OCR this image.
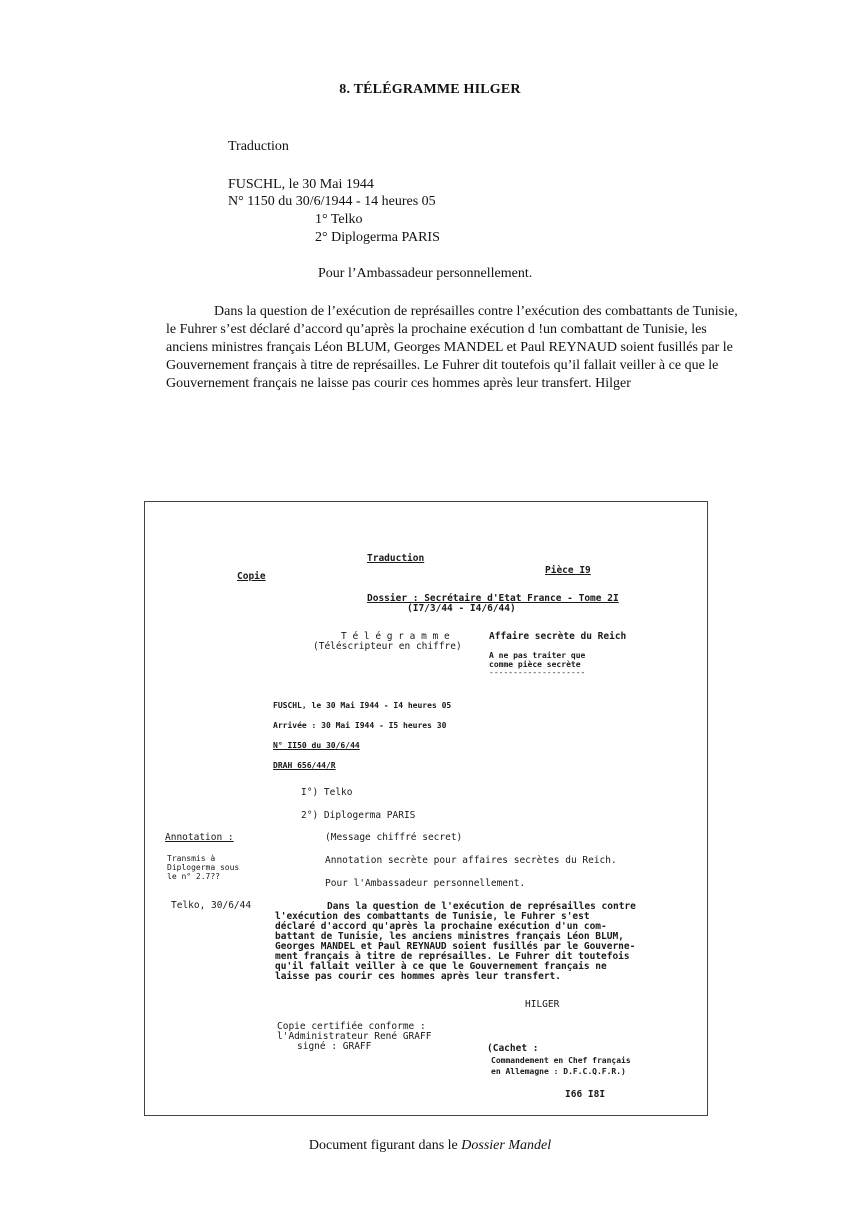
8. TÉLÉGRAMME HILGER
Traduction
FUSCHL, le 30 Mai 1944
N° 1150 du 30/6/1944 - 14 heures 05
1° Telko
2° Diplogerma PARIS
Pour l’Ambassadeur personnellement.
Dans la question de l’exécution de représailles contre l’exécution des combattants de Tunisie, le Fuhrer s’est déclaré d’accord qu’après la prochaine exécution d !un combattant de Tunisie, les anciens ministres français Léon BLUM, Georges MANDEL et Paul REYNAUD soient fusillés par le Gouvernement français à titre de représailles. Le Fuhrer dit toutefois qu’il fallait veiller à ce que le Gouvernement français ne laisse pas courir ces hommes après leur transfert. Hilger
Traduction
Pièce I9
Copie
Dossier : Secrétaire d'Etat France - Tome 2I
(I7/3/44 - I4/6/44)
T é l é g r a m m e
(Téléscripteur en chiffre)
Affaire secrète du Reich
A ne pas traiter que
comme pièce secrète
--------------------
FUSCHL, le 30 Mai I944 - I4 heures 05
Arrivée : 30 Mai I944 - I5 heures 30
N° II50 du 30/6/44
DRAH 656/44/R
I°) Telko
2°) Diplogerma PARIS
Annotation :	(Message chiffré secret)
Transmis à
Diplogerma sous
le n° 2.7??
Annotation secrète pour affaires secrètes du Reich.
Pour l'Ambassadeur personnellement.
Telko, 30/6/44	Dans la question de l'exécution de représailles contre
l'exécution des combattants de Tunisie, le Fuhrer s'est
déclaré d'accord qu'après la prochaine exécution d'un com-
battant de Tunisie, les anciens ministres français Léon BLUM,
Georges MANDEL et Paul REYNAUD soient fusillés par le Gouverne-
ment français à titre de représailles. Le Fuhrer dit toutefois
qu'il fallait veiller à ce que le Gouvernement français ne
laisse pas courir ces hommes après leur transfert.
HILGER
Copie certifiée conforme :
l'Administrateur René GRAFF
signé : GRAFF	(Cachet :
Commandement en Chef français
en Allemagne : D.F.C.Q.F.R.)
I66 I8I
Document figurant dans le Dossier Mandel
